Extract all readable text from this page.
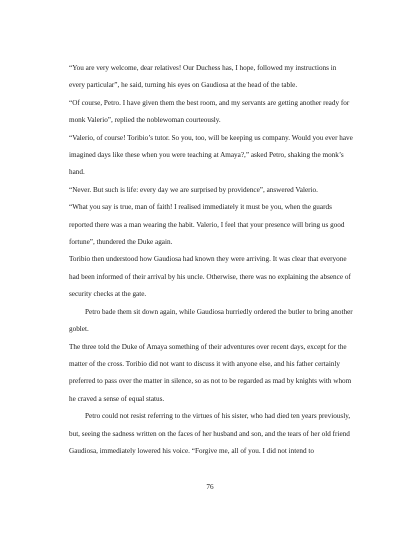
“You are very welcome, dear relatives! Our Duchess has, I hope, followed my instructions in every particular”, he said, turning his eyes on Gaudiosa at the head of the table.

“Of course, Petro. I have given them the best room, and my servants are getting another ready for monk Valerio”, replied the noblewoman courteously.

“Valerio, of course! Toribio’s tutor. So you, too, will be keeping us company. Would you ever have imagined days like these when you were teaching at Amaya?,” asked Petro, shaking the monk’s hand.

“Never. But such is life: every day we are surprised by providence”, answered Valerio.

“What you say is true, man of faith! I realised immediately it must be you, when the guards reported there was a man wearing the habit. Valerio, I feel that your presence will bring us good fortune”, thundered the Duke again.

Toribio then understood how Gaudiosa had known they were arriving. It was clear that everyone had been informed of their arrival by his uncle. Otherwise, there was no explaining the absence of security checks at the gate.

Petro bade them sit down again, while Gaudiosa hurriedly ordered the butler to bring another goblet.

The three told the Duke of Amaya something of their adventures over recent days, except for the matter of the cross. Toribio did not want to discuss it with anyone else, and his father certainly preferred to pass over the matter in silence, so as not to be regarded as mad by knights with whom he craved a sense of equal status.

Petro could not resist referring to the virtues of his sister, who had died ten years previously, but, seeing the sadness written on the faces of her husband and son, and the tears of her old friend Gaudiosa, immediately lowered his voice. “Forgive me, all of you. I did not intend to

76
